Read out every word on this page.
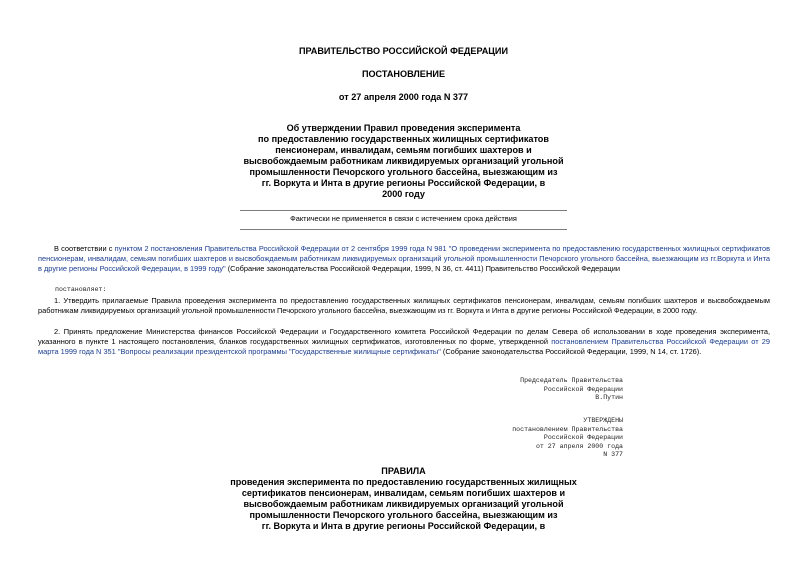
ПРАВИТЕЛЬСТВО РОССИЙСКОЙ ФЕДЕРАЦИИ
ПОСТАНОВЛЕНИЕ
от 27 апреля 2000 года N 377
Об утверждении Правил проведения эксперимента
по предоставлению государственных жилищных сертификатов
пенсионерам, инвалидам, семьям погибших шахтеров и
высвобождаемым работникам ликвидируемых организаций угольной
промышленности Печорского угольного бассейна, выезжающим из
гг. Воркута и Инта в другие регионы Российской Федерации, в
2000 году
Фактически не применяется в связи с истечением срока действия
В соответствии с пунктом 2 постановления Правительства Российской Федерации от 2 сентября 1999 года N 981 "О проведении эксперимента по предоставлению государственных жилищных сертификатов пенсионерам, инвалидам, семьям погибших шахтеров и высвобождаемым работникам ликвидируемых организаций угольной промышленности Печорского угольного бассейна, выезжающим из гг.Воркута и Инта в другие регионы Российской Федерации, в 1999 году" (Собрание законодательства Российской Федерации, 1999, N 36, ст. 4411) Правительство Российской Федерации
постановляет:
1. Утвердить прилагаемые Правила проведения эксперимента по предоставлению государственных жилищных сертификатов пенсионерам, инвалидам, семьям погибших шахтеров и высвобождаемым работникам ликвидируемых организаций угольной промышленности Печорского угольного бассейна, выезжающим из гг. Воркута и Инта в другие регионы Российской Федерации, в 2000 году.
2. Принять предложение Министерства финансов Российской Федерации и Государственного комитета Российской Федерации по делам Севера об использовании в ходе проведения эксперимента, указанного в пункте 1 настоящего постановления, бланков государственных жилищных сертификатов, изготовленных по форме, утвержденной постановлением Правительства Российской Федерации от 29 марта 1999 года N 351 "Вопросы реализации президентской программы "Государственные жилищные сертификаты" (Собрание законодательства Российской Федерации, 1999, N 14, ст. 1726).
Председатель Правительства
Российской Федерации
В.Путин
УТВЕРЖДЕНЫ
постановлением Правительства
Российской Федерации
от 27 апреля 2000 года
N 377
ПРАВИЛА
проведения эксперимента по предоставлению государственных жилищных
сертификатов пенсионерам, инвалидам, семьям погибших шахтеров и
высвобождаемым работникам ликвидируемых организаций угольной
промышленности Печорского угольного бассейна, выезжающим из
гг. Воркута и Инта в другие регионы Российской Федерации, в
